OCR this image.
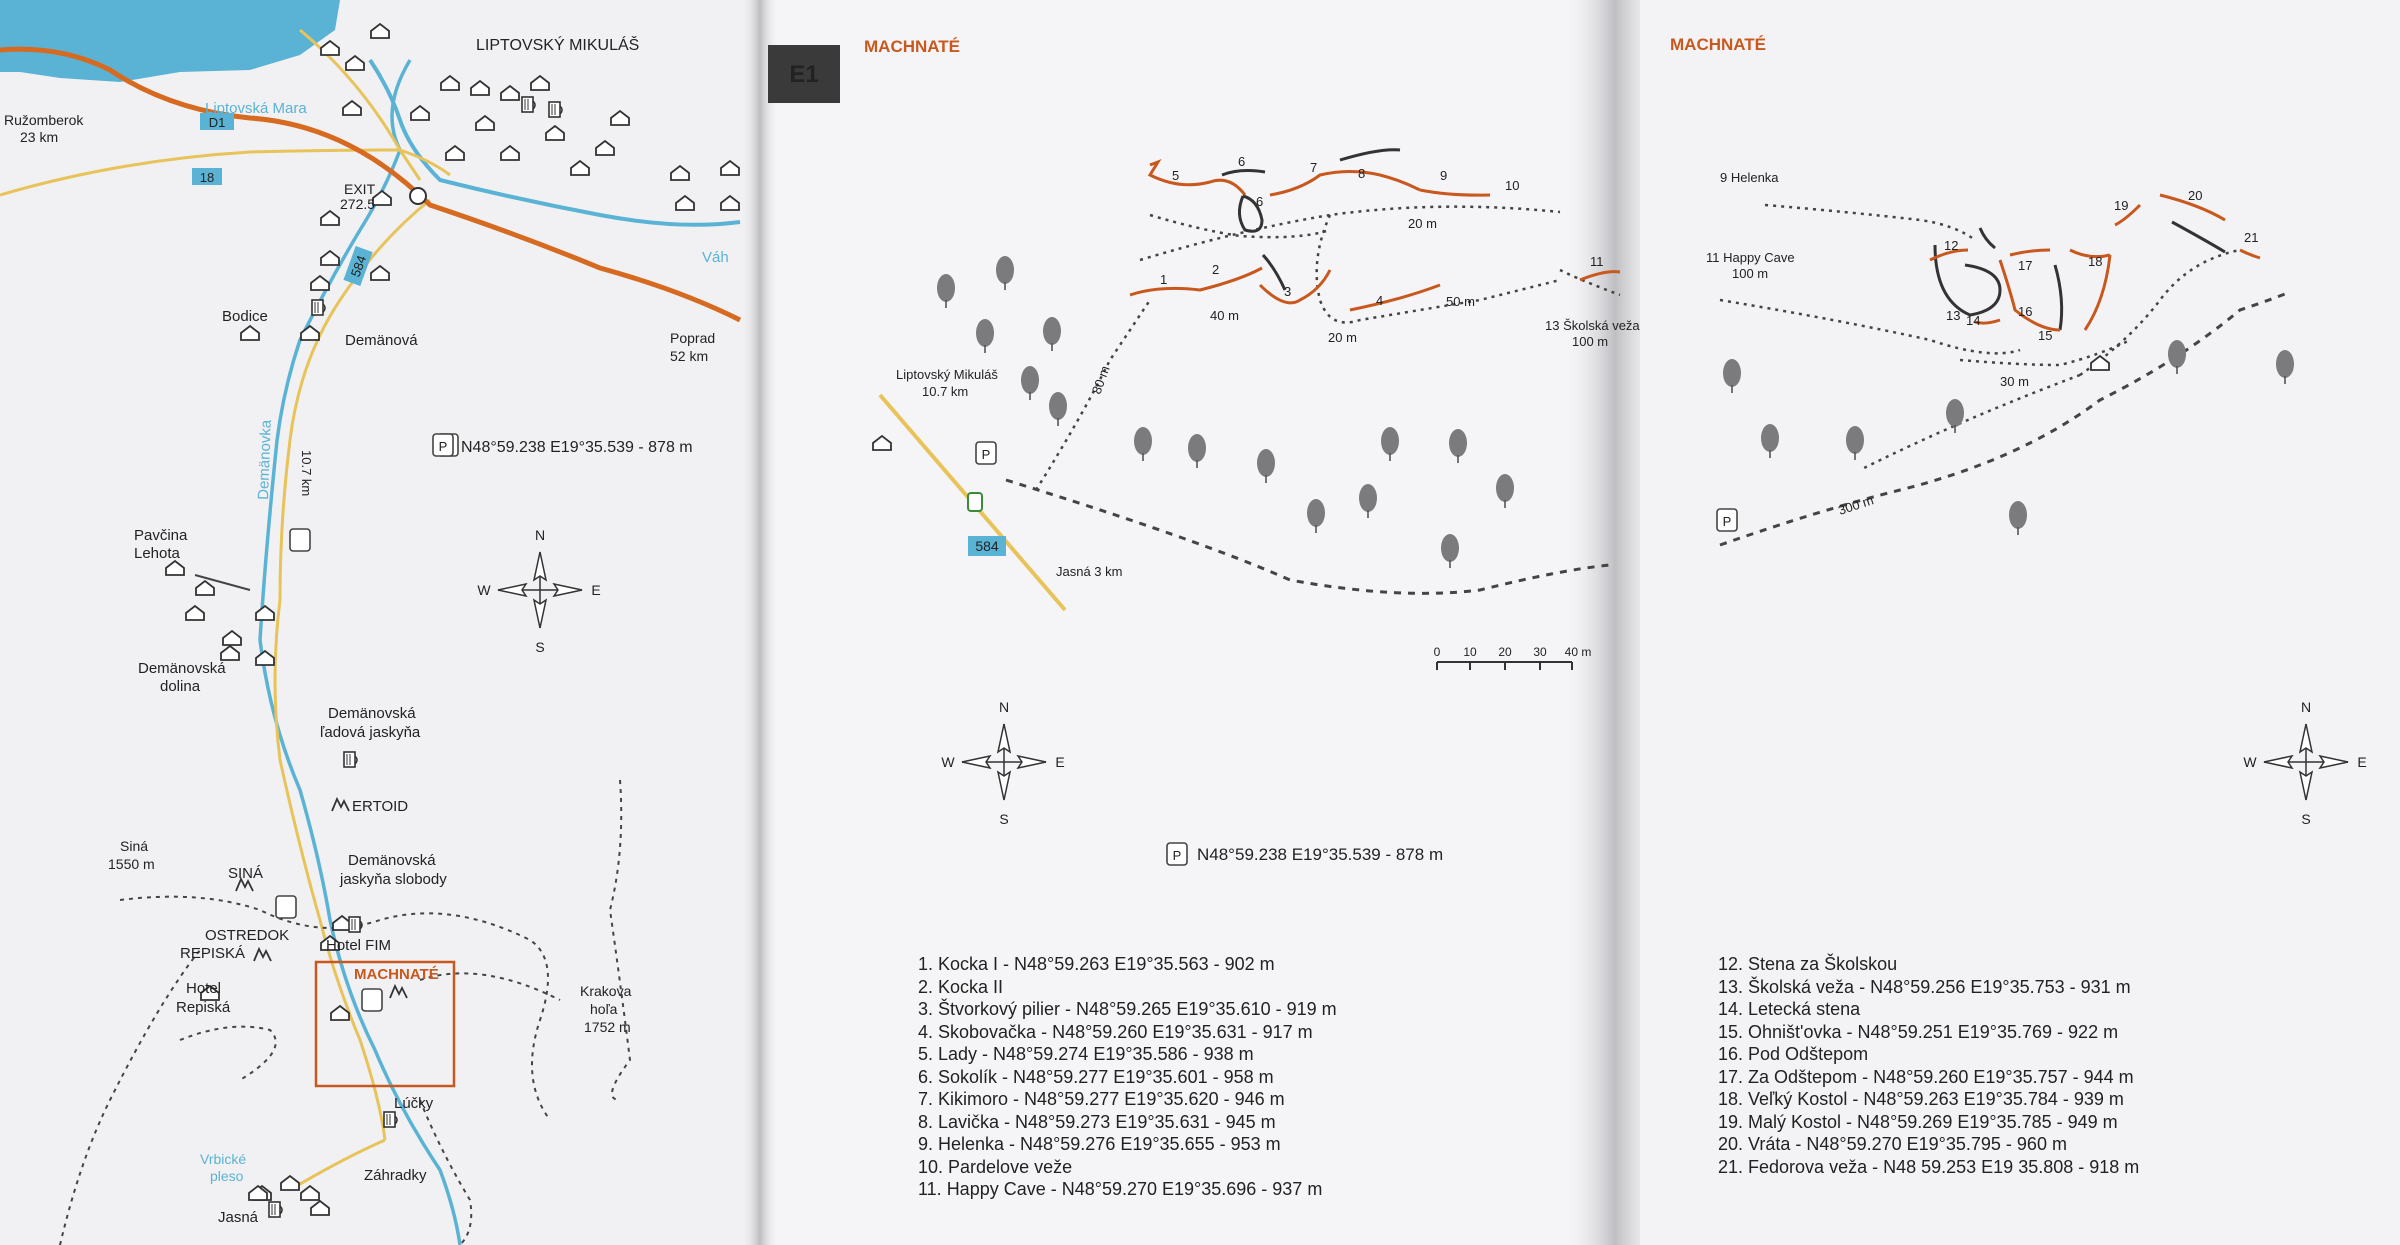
D1
18
584
LIPTOVSKÝ MIKULÁŠ
Liptovská Mara
Ružomberok
23 km
EXIT
272.5
Váh
Bodice
Demänová	Poprad
52 km
Demänovka 10.7 km
Pavčina
Lehota
Demänovská
dolina
Demänovská
ľadová jaskyňa
ERTOID
Siná
1550 m
SINÁ
Demänovská
jaskyňa slobody
OSTREDOK
REPISKÁ	Hotel FIM
MACHNATÉ
Hotel
Repiská
Krakova
hoľa
1752 m
Lúčky
Vrbické
pleso	Záhradky
Jasná
P N48°59.238 E19°35.539 - 878 m
N
S
W	E
E1
MACHNATÉ
584
P
Liptovský Mikuláš
10.7 km
Jasná 3 km
5
6
6
7	8	9
10
11
1
2
3
4
20 m
40 m
20 m
50 m
80 m
13 Školská veža
100 m
0 10 20 30 40 m
N
S
W	E
P N48°59.238 E19°35.539 - 878 m
MACHNATÉ
9 Helenka
11 Happy Cave
100 m
12
13 14
15
16
17	18
19
20
21
30 m
300 m
P
N
S
W	E
1. Kocka I - N48°59.263 E19°35.563 - 902 m
2. Kocka II
3. Štvorkový pilier - N48°59.265 E19°35.610 - 919 m
4. Skobovačka - N48°59.260 E19°35.631 - 917 m
5. Lady - N48°59.274 E19°35.586 - 938 m
6. Sokolík - N48°59.277 E19°35.601 - 958 m
7. Kikimoro - N48°59.277 E19°35.620 - 946 m
8. Lavička - N48°59.273 E19°35.631 - 945 m
9. Helenka - N48°59.276 E19°35.655 - 953 m
10. Pardelove veže
11. Happy Cave - N48°59.270 E19°35.696 - 937 m
12. Stena za Školskou
13. Školská veža - N48°59.256 E19°35.753 - 931 m
14. Letecká stena
15. Ohništ'ovka - N48°59.251 E19°35.769 - 922 m
16. Pod Odštepom
17. Za Odštepom - N48°59.260 E19°35.757 - 944 m
18. Veľký Kostol - N48°59.263 E19°35.784 - 939 m
19. Malý Kostol - N48°59.269 E19°35.785 - 949 m
20. Vráta - N48°59.270 E19°35.795 - 960 m
21. Fedorova veža - N48 59.253 E19 35.808 - 918 m
